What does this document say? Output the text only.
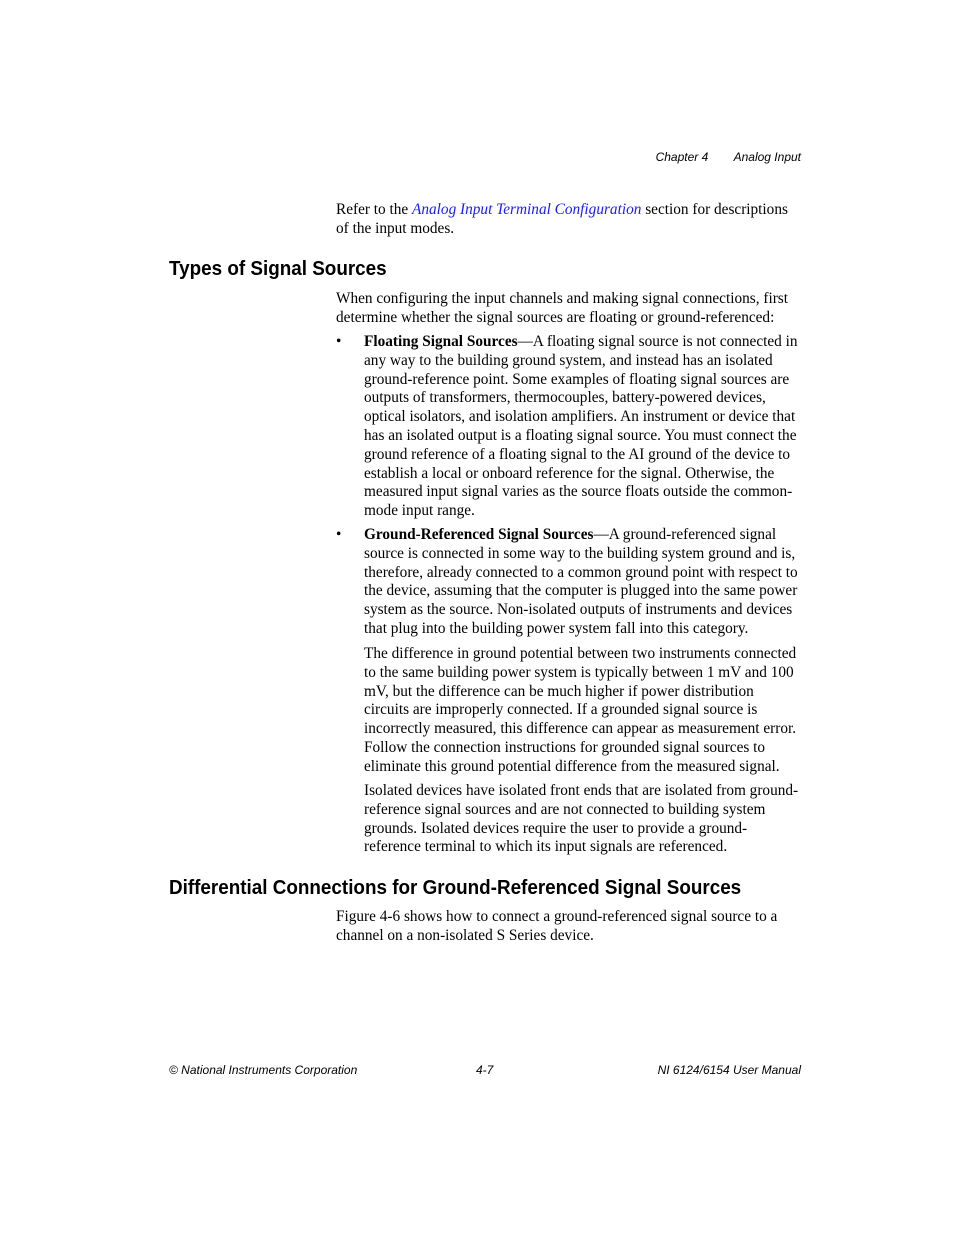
Chapter 4 Analog Input

Refer to the Analog Input Terminal Configuration section for descriptions of the input modes.

Types of Signal Sources

When configuring the input channels and making signal connections, first determine whether the signal sources are floating or ground-referenced:

•	Floating Signal Sources—A floating signal source is not connected in any way to the building ground system, and instead has an isolated ground-reference point. Some examples of floating signal sources are outputs of transformers, thermocouples, battery-powered devices, optical isolators, and isolation amplifiers. An instrument or device that has an isolated output is a floating signal source. You must connect the ground reference of a floating signal to the AI ground of the device to establish a local or onboard reference for the signal. Otherwise, the measured input signal varies as the source floats outside the common-mode input range.
•	Ground-Referenced Signal Sources—A ground-referenced signal source is connected in some way to the building system ground and is, therefore, already connected to a common ground point with respect to the device, assuming that the computer is plugged into the same power system as the source. Non-isolated outputs of instruments and devices that plug into the building power system fall into this category.
The difference in ground potential between two instruments connected to the same building power system is typically between 1 mV and 100 mV, but the difference can be much higher if power distribution circuits are improperly connected. If a grounded signal source is incorrectly measured, this difference can appear as measurement error. Follow the connection instructions for grounded signal sources to eliminate this ground potential difference from the measured signal.
Isolated devices have isolated front ends that are isolated from ground-reference signal sources and are not connected to building system grounds. Isolated devices require the user to provide a ground-reference terminal to which its input signals are referenced.
Differential Connections for Ground-Referenced Signal Sources

Figure 4-6 shows how to connect a ground-referenced signal source to a channel on a non-isolated S Series device.

© National Instruments Corporation	4-7	NI 6124/6154 User Manual
